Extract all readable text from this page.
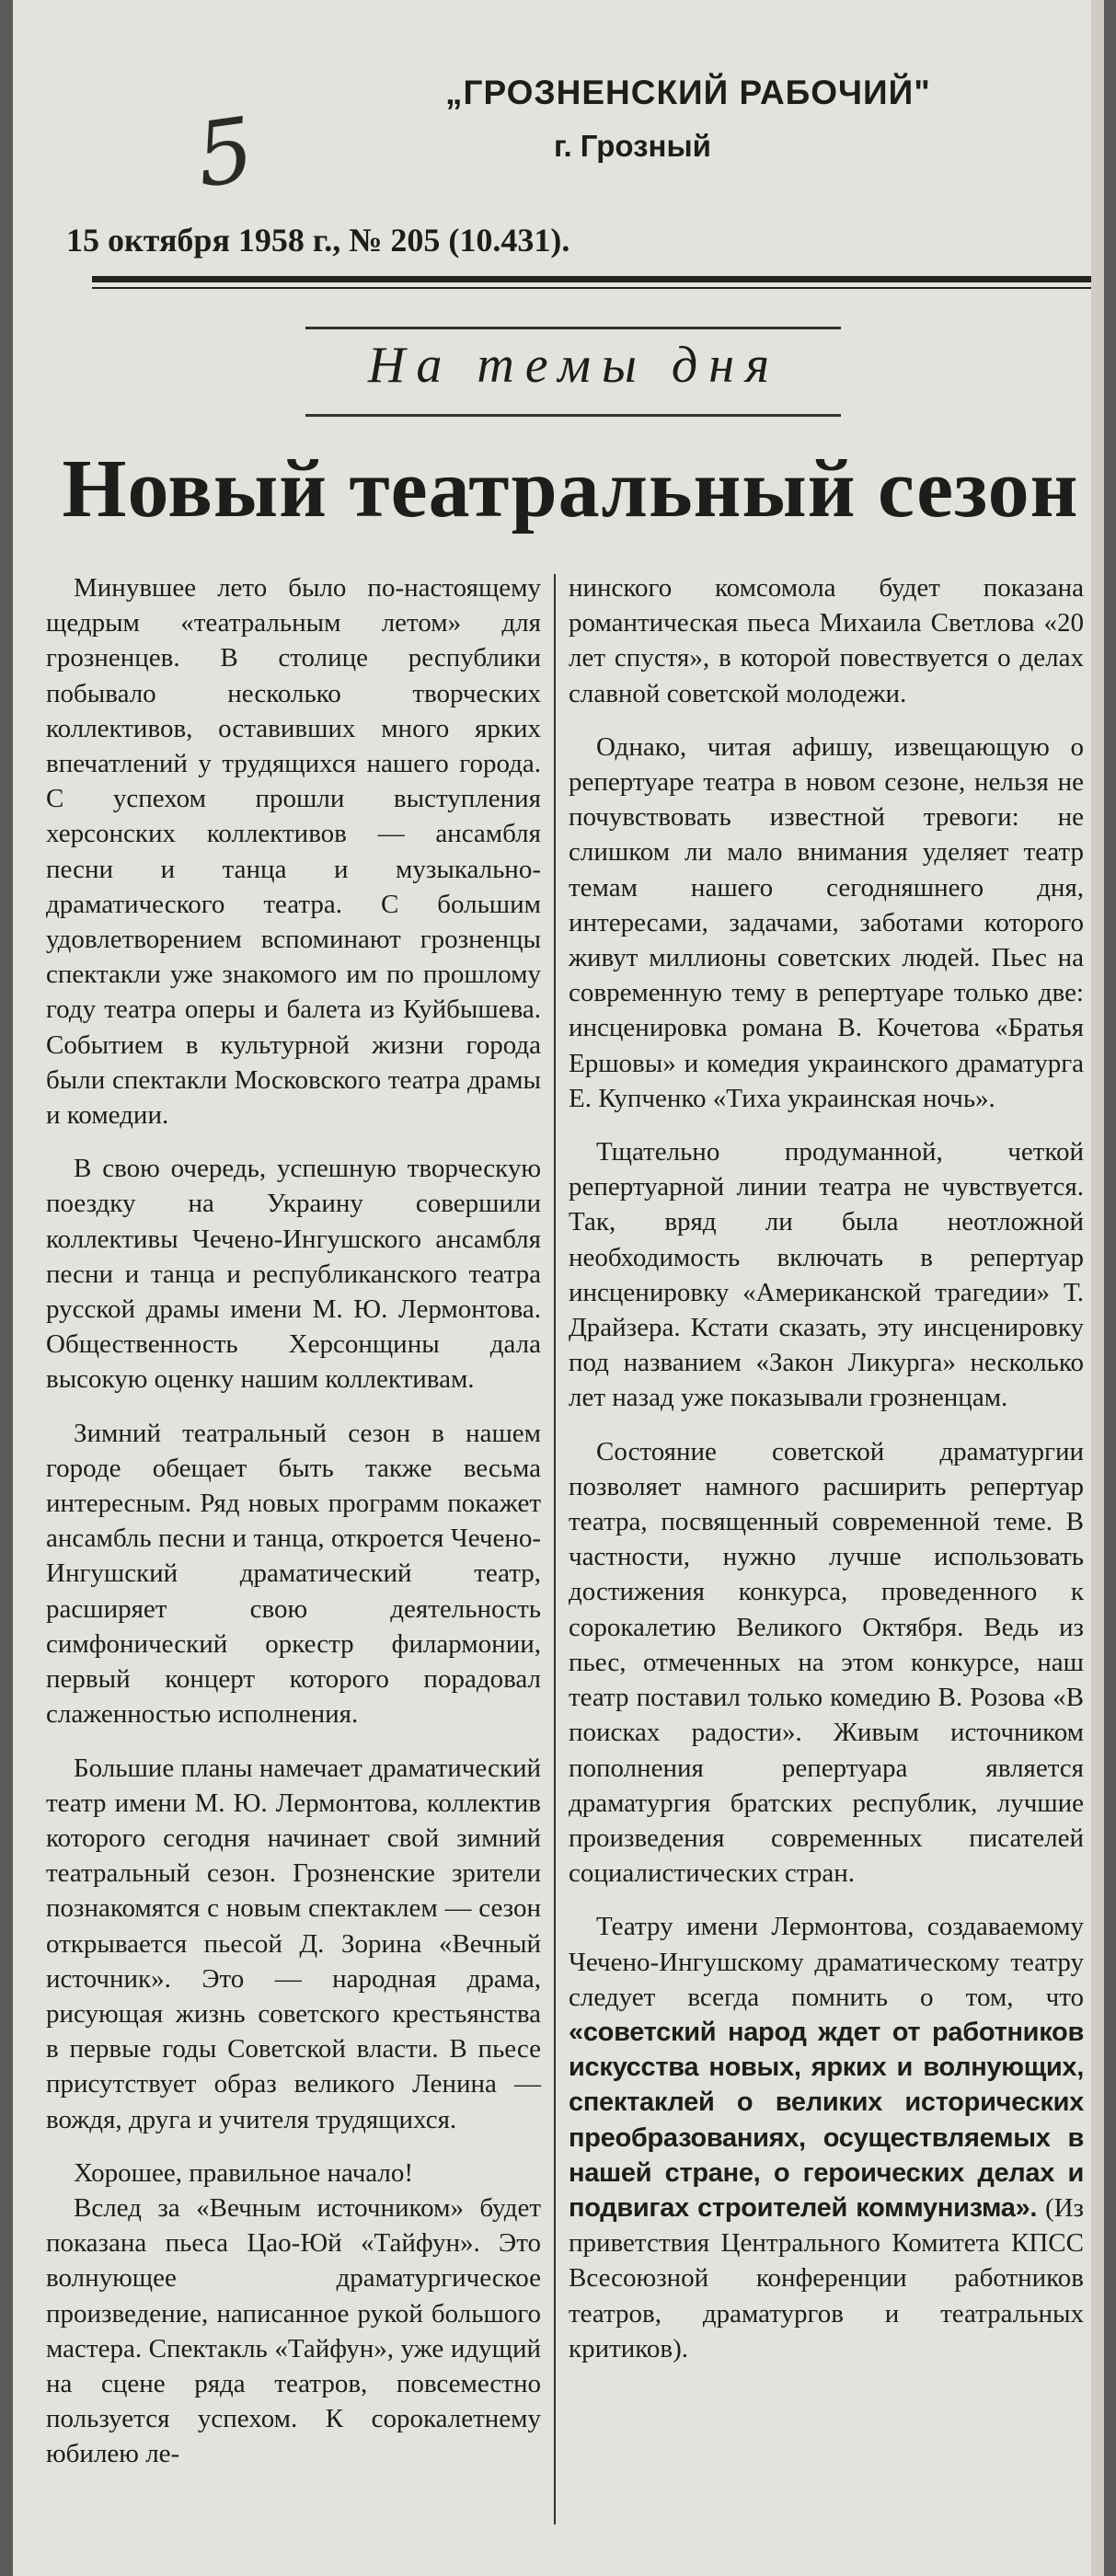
5
„ГРОЗНЕНСКИЙ РАБОЧИЙ"
г. Грозный
15 октября 1958 г., № 205 (10.431).
На темы дня
Новый театральный сезон

Минувшее лето было по-настоящему щедрым «театральным летом» для грозненцев. В столице республики побывало несколько творческих коллективов, оставивших много ярких впечатлений у трудящихся нашего города. С успехом прошли выступления херсонских коллективов — ансамбля песни и танца и музыкально-драматического театра. С большим удовлетворением вспоминают грозненцы спектакли уже знакомого им по прошлому году театра оперы и балета из Куйбышева. Событием в культурной жизни города были спектакли Московского театра драмы и комедии.

В свою очередь, успешную творческую поездку на Украину совершили коллективы Чечено-Ингушского ансамбля песни и танца и республиканского театра русской драмы имени М. Ю. Лермонтова. Общественность Херсонщины дала высокую оценку нашим коллективам.

Зимний театральный сезон в нашем городе обещает быть также весьма интересным. Ряд новых программ покажет ансамбль песни и танца, откроется Чечено-Ингушский драматический театр, расширяет свою деятельность симфонический оркестр филармонии, первый концерт которого порадовал слаженностью исполнения.

Большие планы намечает драматический театр имени М. Ю. Лермонтова, коллектив которого сегодня начинает свой зимний театральный сезон. Грозненские зрители познакомятся с новым спектаклем — сезон открывается пьесой Д. Зорина «Вечный источник». Это — народная драма, рисующая жизнь советского крестьянства в первые годы Советской власти. В пьесе присутствует образ великого Ленина — вождя, друга и учителя трудящихся.

Хорошее, правильное начало!

Вслед за «Вечным источником» будет показана пьеса Цао-Юй «Тайфун». Это волнующее драматургическое произведение, написанное рукой большого мастера. Спектакль «Тайфун», уже идущий на сцене ряда театров, повсеместно пользуется успехом. К сорокалетнему юбилею ле-

нинского комсомола будет показана романтическая пьеса Михаила Светлова «20 лет спустя», в которой повествуется о делах славной советской молодежи.

Однако, читая афишу, извещающую о репертуаре театра в новом сезоне, нельзя не почувствовать известной тревоги: не слишком ли мало внимания уделяет театр темам нашего сегодняшнего дня, интересами, задачами, заботами которого живут миллионы советских людей. Пьес на современную тему в репертуаре только две: инсценировка романа В. Кочетова «Братья Ершовы» и комедия украинского драматурга Е. Купченко «Тиха украинская ночь».

Тщательно продуманной, четкой репертуарной линии театра не чувствуется. Так, вряд ли была неотложной необходимость включать в репертуар инсценировку «Американской трагедии» Т. Драйзера. Кстати сказать, эту инсценировку под названием «Закон Ликурга» несколько лет назад уже показывали грозненцам.

Состояние советской драматургии позволяет намного расширить репертуар театра, посвященный современной теме. В частности, нужно лучше использовать достижения конкурса, проведенного к сорокалетию Великого Октября. Ведь из пьес, отмеченных на этом конкурсе, наш театр поставил только комедию В. Розова «В поисках радости». Живым источником пополнения репертуара является драматургия братских республик, лучшие произведения современных писателей социалистических стран.

Театру имени Лермонтова, создаваемому Чечено-Ингушскому драматическому театру следует всегда помнить о том, что «советский народ ждет от работников искусства новых, ярких и волнующих, спектаклей о великих исторических преобразованиях, осуществляемых в нашей стране, о героических делах и подвигах строителей коммунизма». (Из приветствия Центрального Комитета КПСС Всесоюзной конференции работников театров, драматургов и театральных критиков).
